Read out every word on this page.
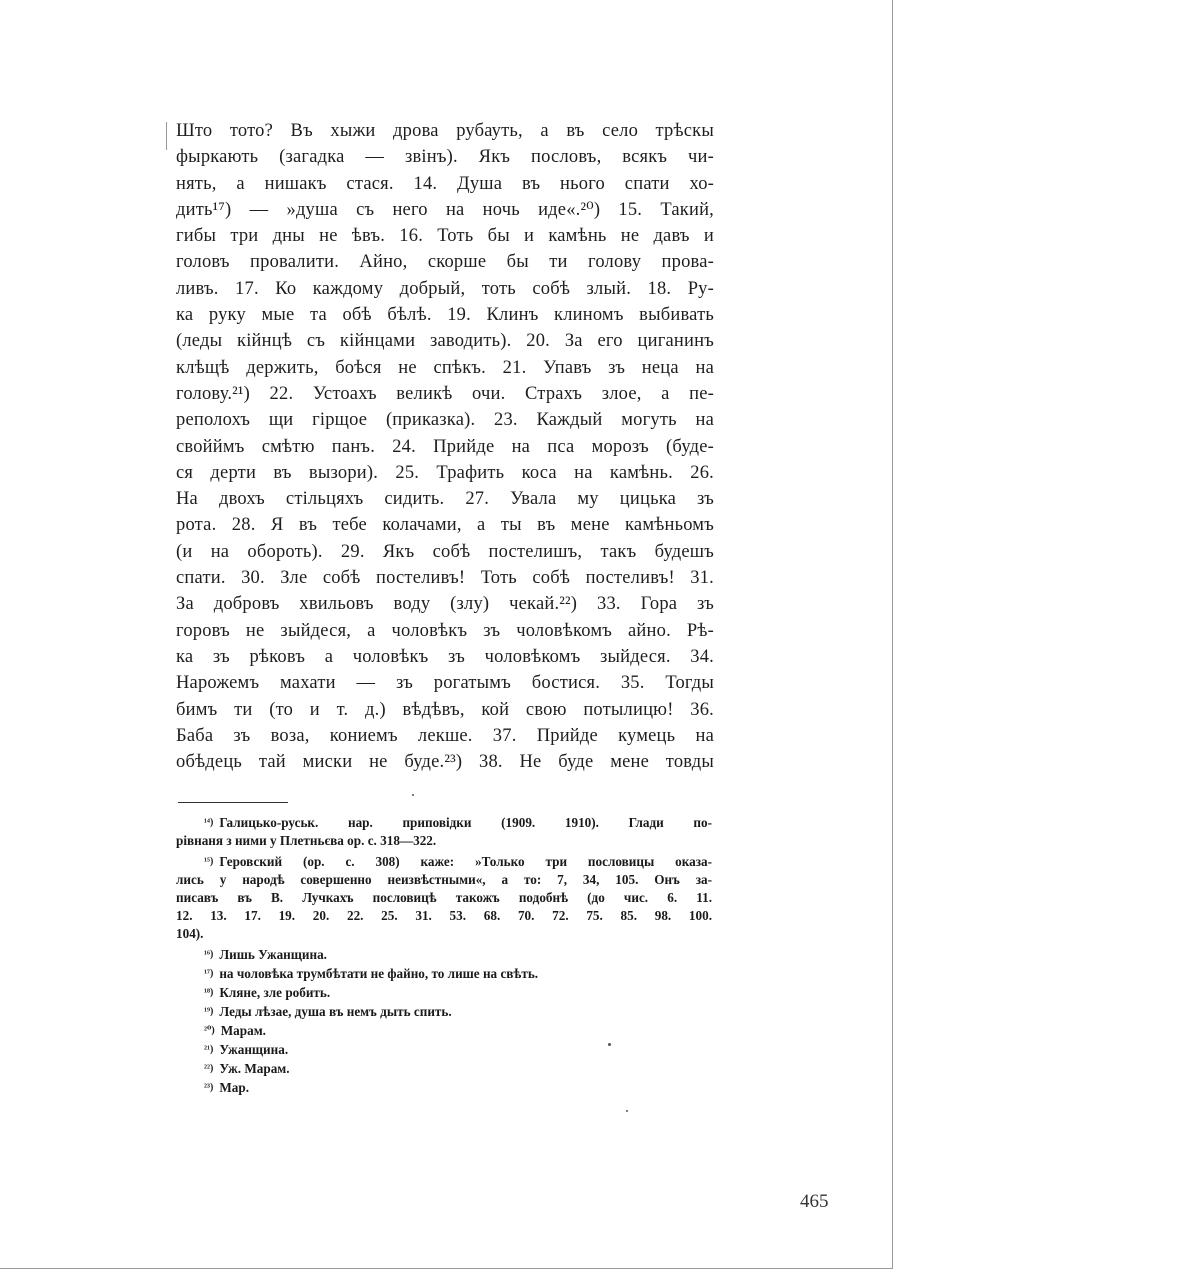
Што тото? Въ хыжи дрова рубауть, а въ село трѣскы
фыркають (загадка — звінъ). Якъ пословъ, всякъ чи-
нять, а нишакъ стася. 14. Душа въ нього спати хо-
дить¹⁷) — »душа съ него на ночь иде«.²⁰) 15. Такий,
гибы три дны не ѣвъ. 16. Тоть бы и камѣнь не давъ и
головъ провалити. Айно, скорше бы ти голову прова-
ливъ. 17. Ко каждому добрый, тоть собѣ злый. 18. Ру-
ка руку мые та обѣ бѣлѣ. 19. Клинъ клиномъ выбивать
(леды кійнцѣ съ кійнцами заводить). 20. За его циганинъ
клѣщѣ держить, боѣся не спѣкъ. 21. Упавъ зъ неца на
голову.²¹) 22. Устоахъ великѣ очи. Страхъ злое, а пе-
реполохъ щи гірщое (приказка). 23. Каждый могуть на
свойймъ смѣтю панъ. 24. Прийде на пса морозъ (буде-
ся дерти въ вызори). 25. Трафить коса на камѣнь. 26.
На двохъ стільцяхъ сидить. 27. Увала му цицька зъ
рота. 28. Я въ тебе колачами, а ты въ мене камѣньомъ
(и на обороть). 29. Якъ собѣ постелишъ, такъ будешъ
спати. 30. Зле собѣ постеливъ! Тоть собѣ постеливъ! 31.
За добровъ хвильовъ воду (злу) чекай.²²) 33. Гора зъ
горовъ не зыйдеся, а чоловѣкъ зъ чоловѣкомъ айно. Рѣ-
ка зъ рѣковъ а чоловѣкъ зъ чоловѣкомъ зыйдеся. 34.
Нарожемъ махати — зъ рогатымъ бостися. 35. Тогды
бимъ ти (то и т. д.) вѣдѣвъ, кой свою потылицю! 36.
Баба зъ воза, кониемъ лекше. 37. Прийде кумець на
обѣдець тай миски не буде.²³) 38. Не буде мене товды
¹⁴) Галицько-руськ. нар. приповідки (1909. 1910). Глади по-
рівнаня з ними у Плетньєва ор. с. 318—322.
¹⁵) Геровский (ор. с. 308) каже: »Только три пословицы оказа-
лись у народѣ совершенно неизвѣстными«, а то: 7, 34, 105. Онъ за-
писавъ въ В. Лучкахъ пословицѣ такожъ подобнѣ (до чис. 6. 11.
12. 13. 17. 19. 20. 22. 25. 31. 53. 68. 70. 72. 75. 85. 98. 100.
104).
¹⁶) Лишь Ужанщина.
¹⁷) на чоловѣка трумбѣтати не файно, то лише на свѣть.
¹⁸) Кляне, зле робить.
¹⁹) Леды лѣзае, душа въ немъ дыть спить.
²⁰) Марам.
²¹) Ужанщина.
²²) Уж. Марам.
²³) Мар.
465
